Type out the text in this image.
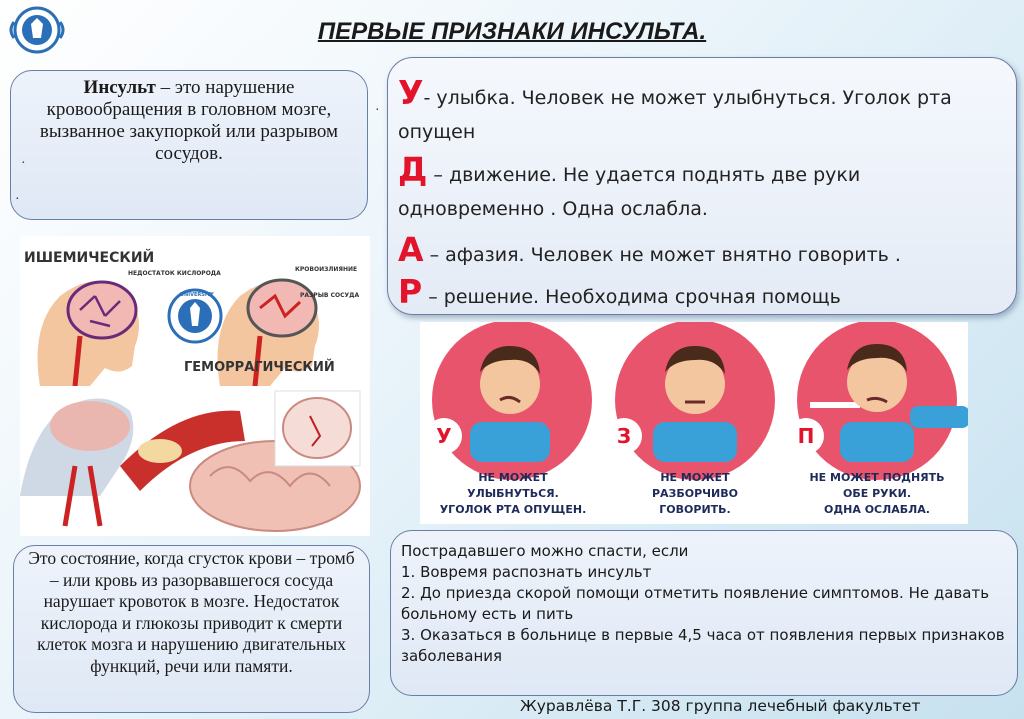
ПЕРВЫЕ ПРИЗНАКИ ИНСУЛЬТА.
Инсульт – это нарушение кровообращения в головном мозге, вызванное закупоркой или разрывом сосудов.
·
·
· У- улыбка. Человек не может улыбнуться. Уголок рта опущен
Д – движение. Не удается поднять две руки одновременно . Одна ослабла.
А – афазия. Человек не может внятно говорить .
Р – решение. Необходима срочная помощь
ИШЕМИЧЕСКИЙ
НЕДОСТАТОК КИСЛОРОДА
КРОВОИЗЛИЯНИЕ
РАЗРЫВ СОСУДА
ГЕМОРРАГИЧЕСКИЙ
UNIVERSITY
У	З	П
НЕ МОЖЕТ
УЛЫБНУТЬСЯ.
УГОЛОК РТА ОПУЩЕН.
НЕ МОЖЕТ
РАЗБОРЧИВО
ГОВОРИТЬ.
НЕ МОЖЕТ ПОДНЯТЬ
ОБЕ РУКИ.
ОДНА ОСЛАБЛА.
Это состояние, когда сгусток крови – тромб – или кровь из разорвавшегося сосуда нарушает кровоток в мозге. Недостаток кислорода и глюкозы приводит к смерти клеток мозга и нарушению двигательных функций, речи или памяти.
Пострадавшего можно спасти, если
1. Вовремя распознать инсульт
2. До приезда скорой помощи отметить появление симптомов. Не давать больному есть и пить
3. Оказаться в больнице в первые 4,5 часа от появления первых признаков заболевания
Журавлёва Т.Г. 308 группа лечебный факультет
